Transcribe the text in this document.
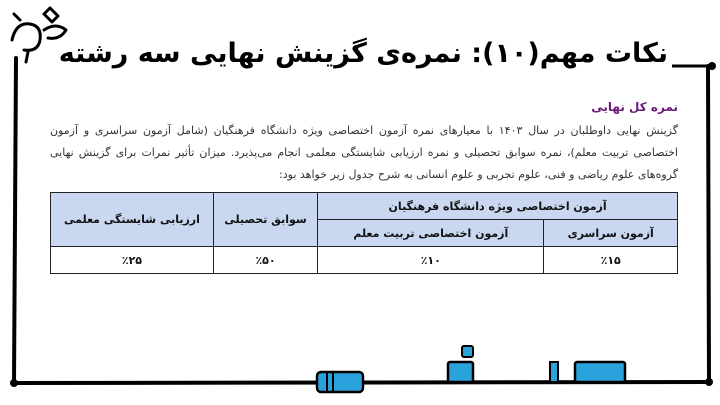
نکات مهم(۱۰): نمره‌ی گزینش نهایی سه رشته
نمره کل نهایی

گزینش نهایی داوطلبان در سال ۱۴۰۳ با معیارهای نمره آزمون اختصاصی ویژه دانشگاه فرهنگیان (شامل آزمون سراسری و آزمون اختصاصی تربیت معلم)، نمره سوابق تحصیلی و نمره ارزیابی شایستگی معلمی انجام می‌پذیرد. میزان تأثیر نمرات برای گزینش نهایی گروه‌های علوم ریاضی و فنی، علوم تجربی و علوم انسانی به شرح جدول زیر خواهد بود:

آزمون اختصاصی ویژه دانشگاه فرهنگیان		سوابق تحصیلی	ارزیابی شایستگی معلمی
آزمون سراسری	آزمون اختصاصی تربیت معلم		
٪۱۵	٪۱۰	٪۵۰	٪۲۵
